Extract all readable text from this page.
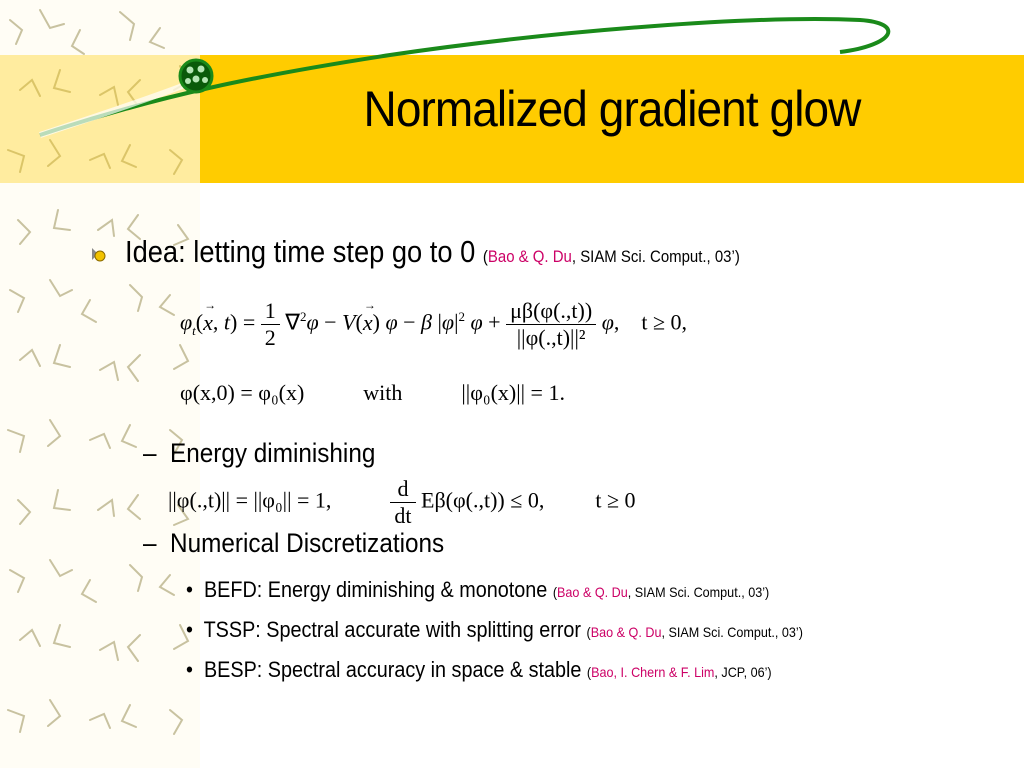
Normalized gradient glow
Idea: letting time step go to 0 (Bao & Q. Du, SIAM Sci. Comput., 03’)
$\varphi_t(\to x$, $t) = \frac{1}{2} \nabla^2\varphi - V(\to x) \varphi - \beta$ $|\varphi|^2$ $\varphi + \frac{\mu\beta(\varphi(.,t))}{\text{||φ(.,t)||²}} \varphi$,    t ≥ 0,
φ(x,0) = φ₀(x)	with	||φ₀(x)|| = 1.
– Energy diminishing
||φ(.,t)|| = ||φ₀|| = 1,	$\frac{d}{dt} E\beta(\varphi(.,t)) \le 0$, t ≥ 0
– Numerical Discretizations
• BEFD: Energy diminishing & monotone (Bao & Q. Du, SIAM Sci. Comput., 03’)
• TSSP: Spectral accurate with splitting error (Bao & Q. Du, SIAM Sci. Comput., 03’)
• BESP: Spectral accuracy in space & stable (Bao, I. Chern & F. Lim, JCP, 06’)
